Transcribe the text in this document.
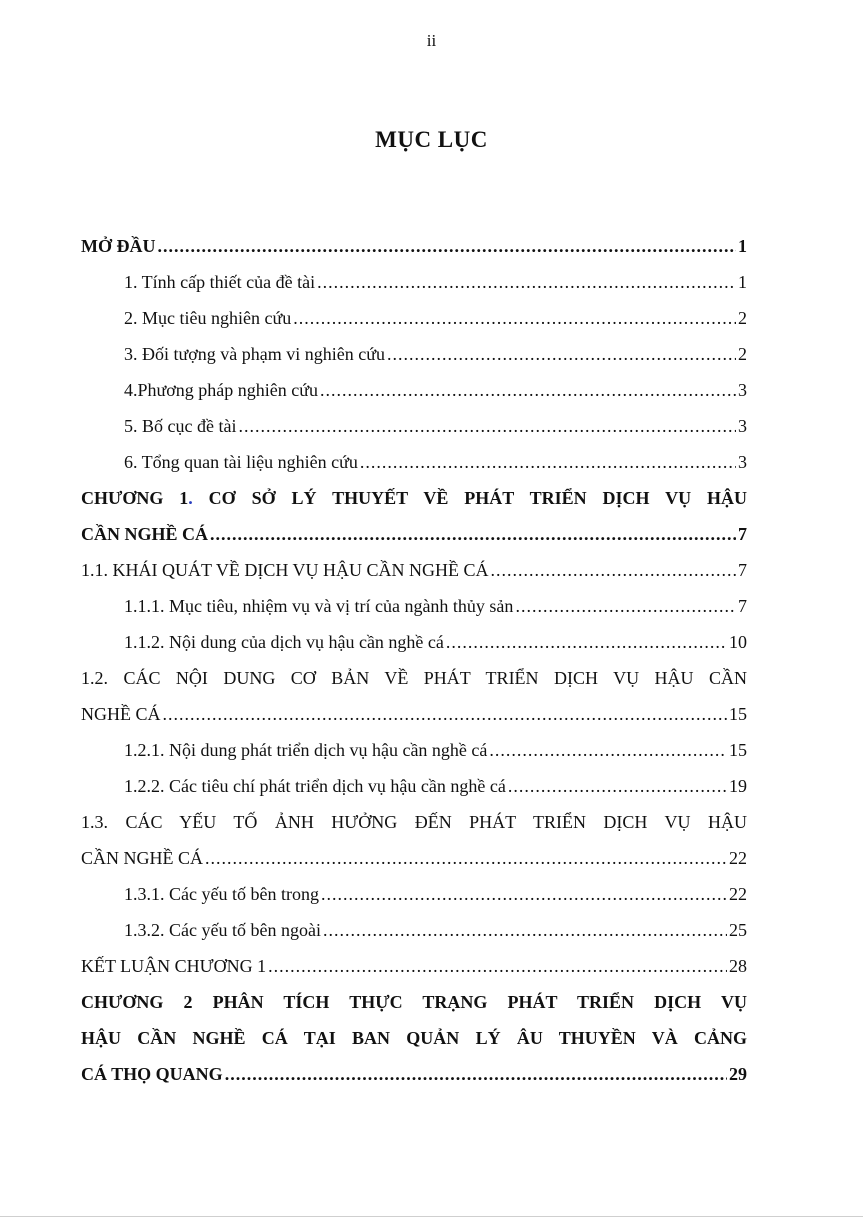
ii
MỤC LỤC
MỞ ĐẦU .....	1
1. Tính cấp thiết của đề tài .....	1
2. Mục tiêu nghiên cứu .....	2
3. Đối tượng và phạm vi nghiên cứu .....	2
4.Phương pháp nghiên cứu .....	3
5. Bố cục đề tài .....	3
6. Tổng quan tài liệu nghiên cứu .....	3
CHƯƠNG 1. CƠ SỞ LÝ THUYẾT VỀ PHÁT TRIỂN DỊCH VỤ HẬU
CẦN NGHỀ CÁ .....	7
1.1. KHÁI QUÁT VỀ DỊCH VỤ HẬU CẦN NGHỀ CÁ .....	7
1.1.1. Mục tiêu, nhiệm vụ và vị trí của ngành thủy sản .....	7
1.1.2. Nội dung của dịch vụ hậu cần nghề cá .....	10
1.2. CÁC NỘI DUNG CƠ BẢN VỀ PHÁT TRIỂN DỊCH VỤ HẬU CẦN
NGHỀ CÁ .....	15
1.2.1. Nội dung phát triển dịch vụ hậu cần nghề cá .....	15
1.2.2. Các tiêu chí phát triển dịch vụ hậu cần nghề cá .....	19
1.3. CÁC YẾU TỐ ẢNH HƯỞNG ĐẾN PHÁT TRIỂN DỊCH VỤ HẬU
CẦN NGHỀ CÁ .....	22
1.3.1. Các yếu tố bên trong .....	22
1.3.2. Các yếu tố bên ngoài .....	25
KẾT LUẬN CHƯƠNG 1 .....	28
CHƯƠNG 2 PHÂN TÍCH THỰC TRẠNG PHÁT TRIỂN DỊCH VỤ
HẬU CẦN NGHỀ CÁ TẠI BAN QUẢN LÝ ÂU THUYỀN VÀ CẢNG
CÁ THỌ QUANG .....	29
